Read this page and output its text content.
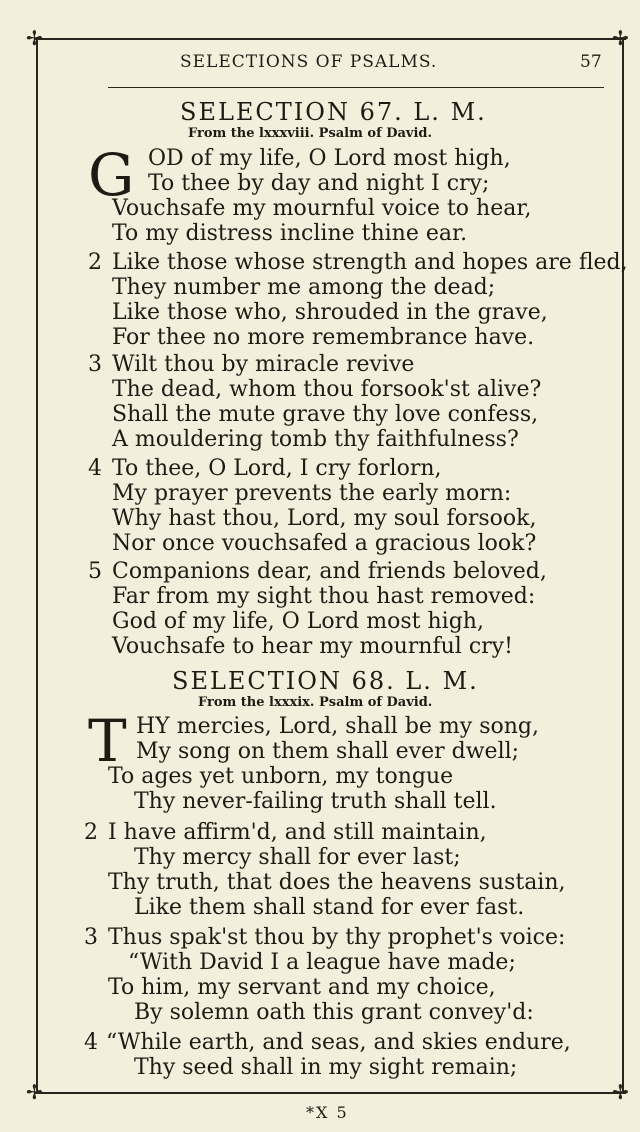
✢	✢
✢	✢
SELECTIONS OF PSALMS.	57
SELECTION 67. L. M.
From the lxxxviii. Psalm of David.
G OD of my life, O Lord most high,
To thee by day and night I cry;
Vouchsafe my mournful voice to hear,
To my distress incline thine ear.
2 Like those whose strength and hopes are fled,
They number me among the dead;
Like those who, shrouded in the grave,
For thee no more remembrance have.
3 Wilt thou by miracle revive
The dead, whom thou forsook'st alive?
Shall the mute grave thy love confess,
A mouldering tomb thy faithfulness?
4 To thee, O Lord, I cry forlorn,
My prayer prevents the early morn:
Why hast thou, Lord, my soul forsook,
Nor once vouchsafed a gracious look?
5 Companions dear, and friends beloved,
Far from my sight thou hast removed:
God of my life, O Lord most high,
Vouchsafe to hear my mournful cry!
SELECTION 68. L. M.
From the lxxxix. Psalm of David.
T HY mercies, Lord, shall be my song,
My song on them shall ever dwell;
To ages yet unborn, my tongue
Thy never-failing truth shall tell.
2 I have affirm'd, and still maintain,
Thy mercy shall for ever last;
Thy truth, that does the heavens sustain,
Like them shall stand for ever fast.
3 Thus spak'st thou by thy prophet's voice:
“With David I a league have made;
To him, my servant and my choice,
By solemn oath this grant convey'd:
4 “While earth, and seas, and skies endure,
Thy seed shall in my sight remain;
*X 5
